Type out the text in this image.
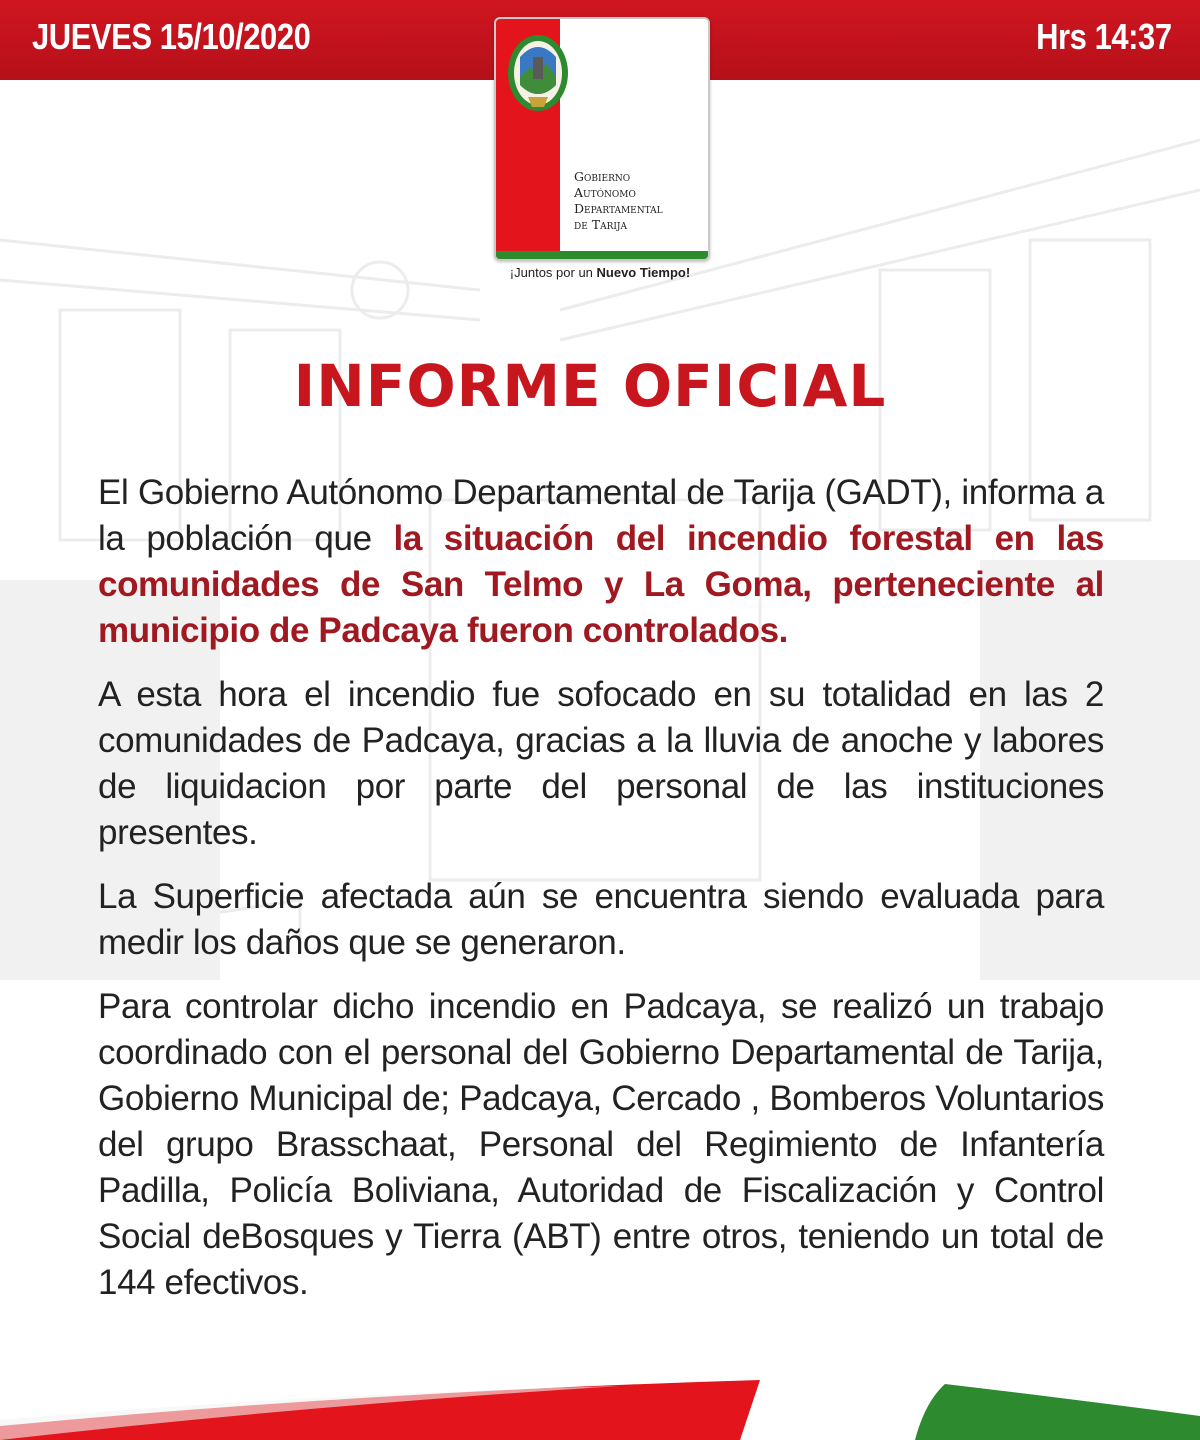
JUEVES 15/10/2020	Hrs 14:37
Gobierno
Autónomo
Departamental
de Tarija
¡Juntos por un Nuevo Tiempo!
INFORME OFICIAL

El Gobierno Autónomo Departamental de Tarija (GADT), informa a la población que la situación del incendio forestal en las comunidades de San Telmo y La Goma, perteneciente al municipio de Padcaya fueron controlados.

A esta hora el incendio fue sofocado en su totalidad en las 2 comunidades de Padcaya, gracias a la lluvia de anoche y labores de liquidacion por parte del personal de las instituciones presentes.

La Superficie afectada aún se encuentra siendo evaluada para medir los daños que se generaron.

Para controlar dicho incendio en Padcaya, se realizó un trabajo coordinado con el personal del Gobierno Departamental de Tarija, Gobierno Municipal de; Padcaya, Cercado , Bomberos Voluntarios del grupo Brasschaat, Personal del Regimiento de Infantería Padilla, Policía Boliviana, Autoridad de Fiscalización y Control Social deBosques y Tierra (ABT) entre otros, teniendo un total de 144 efectivos.
